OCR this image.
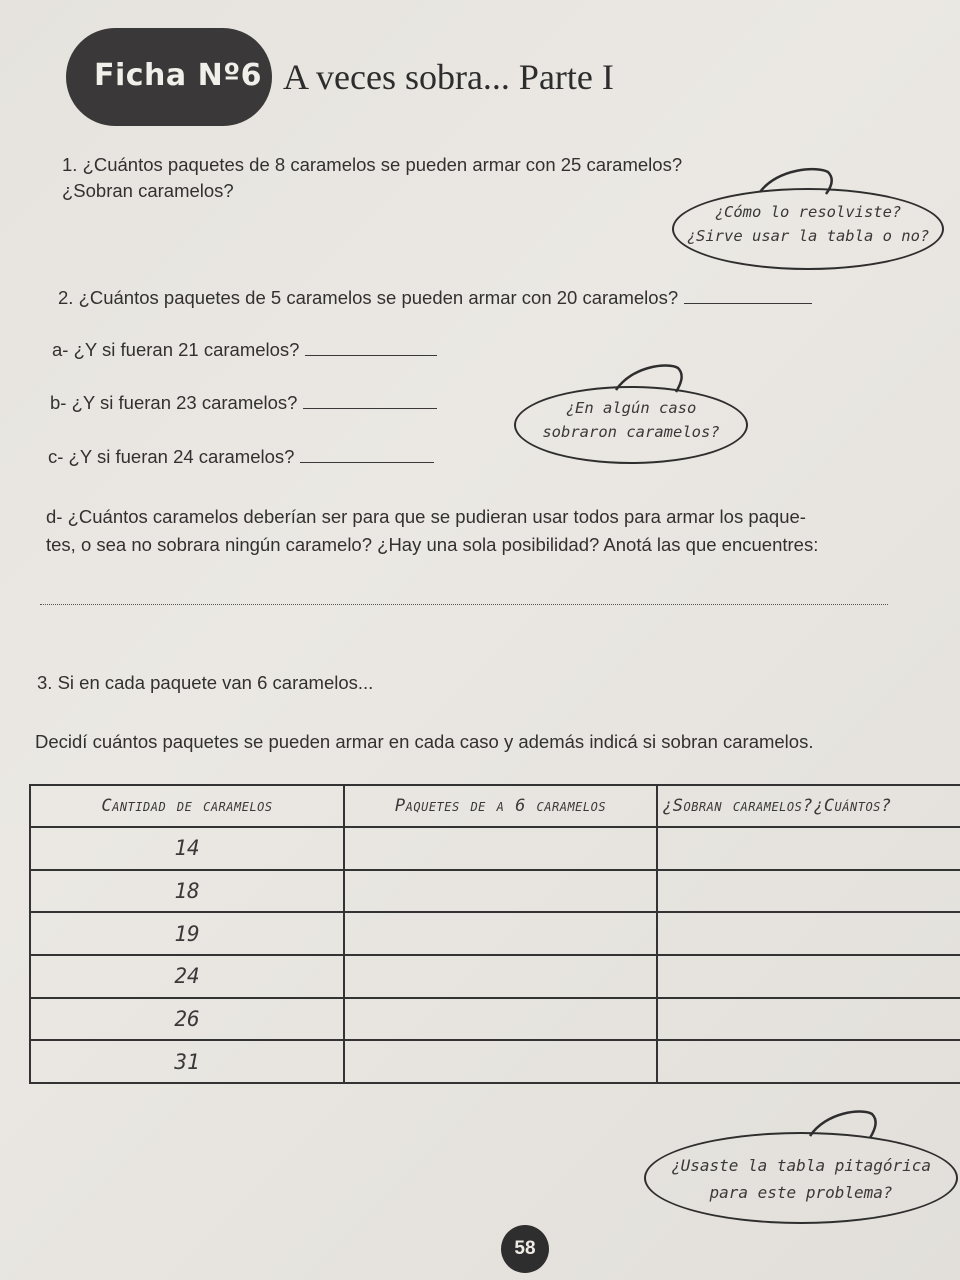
Ficha Nº6 A veces sobra... Parte I
1. ¿Cuántos paquetes de 8 caramelos se pueden armar con 25 caramelos?
¿Sobran caramelos?
¿Cómo lo resolviste?
¿Sirve usar la tabla o no?
2. ¿Cuántos paquetes de 5 caramelos se pueden armar con 20 caramelos?
a- ¿Y si fueran 21 caramelos?
b- ¿Y si fueran 23 caramelos?
c- ¿Y si fueran 24 caramelos?
¿En algún caso
sobraron caramelos?
d- ¿Cuántos caramelos deberían ser para que se pudieran usar todos para armar los paque-
tes, o sea no sobrara ningún caramelo? ¿Hay una sola posibilidad? Anotá las que encuentres:
3. Si en cada paquete van 6 caramelos...
Decidí cuántos paquetes se pueden armar en cada caso y además indicá si sobran caramelos.
Cantidad de caramelos	Paquetes de a 6 caramelos	¿Sobran caramelos?¿Cuántos?
14		
18		
19		
24		
26		
31		
¿Usaste la tabla pitagórica
para este problema?
58
